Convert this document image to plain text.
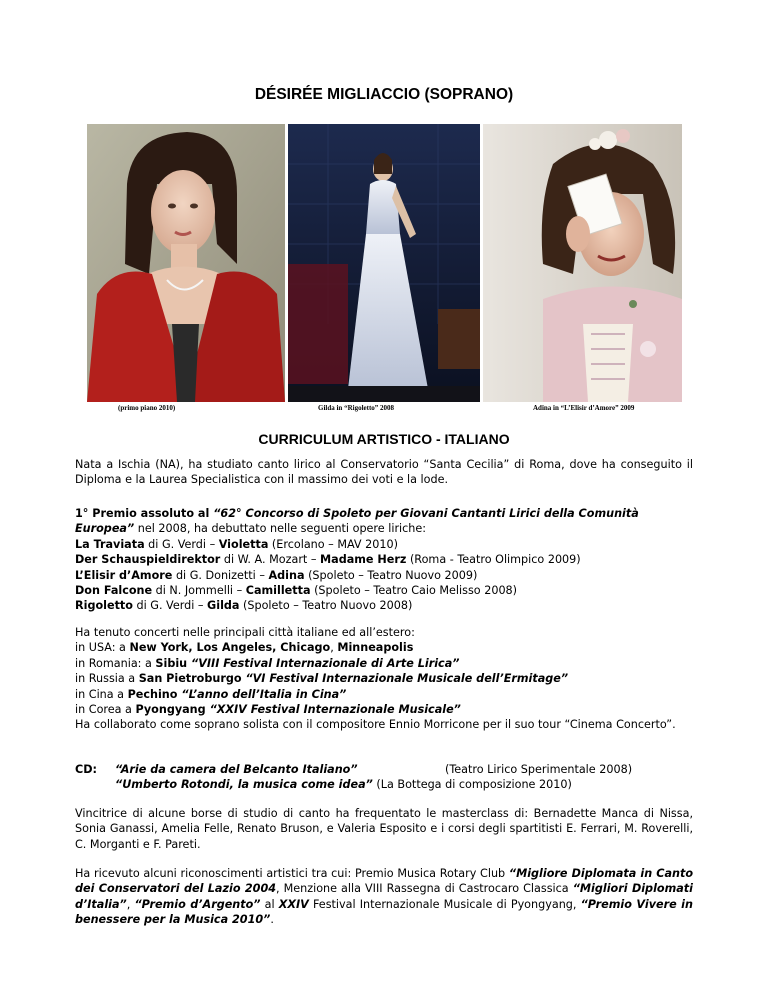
DÉSIRÉE MIGLIACCIO (SOPRANO)
(primo piano 2010)	Gilda in “Rigoletto” 2008	Adina in “L’Elisir d’Amore” 2009
CURRICULUM ARTISTICO - ITALIANO

Nata a Ischia (NA), ha studiato canto lirico al Conservatorio “Santa Cecilia” di Roma, dove ha conseguito il Diploma e la Laurea Specialistica con il massimo dei voti e la lode.

1° Premio assoluto al “62° Concorso di Spoleto per Giovani Cantanti Lirici della Comunità Europea” nel 2008, ha debuttato nelle seguenti opere liriche:

La Traviata di G. Verdi – Violetta (Ercolano – MAV 2010)

Der Schauspieldirektor di W. A. Mozart – Madame Herz (Roma - Teatro Olimpico 2009)

L’Elisir d’Amore di G. Donizetti – Adina (Spoleto – Teatro Nuovo 2009)

Don Falcone di N. Jommelli – Camilletta (Spoleto – Teatro Caio Melisso 2008)

Rigoletto di G. Verdi – Gilda (Spoleto – Teatro Nuovo 2008)

Ha tenuto concerti nelle principali città italiane ed all’estero:

in USA: a New York, Los Angeles, Chicago, Minneapolis

in Romania: a Sibiu “VIII Festival Internazionale di Arte Lirica”

in Russia a San Pietroburgo “VI Festival Internazionale Musicale dell’Ermitage”

in Cina a Pechino “L’anno dell’Italia in Cina”

in Corea a Pyongyang “XXIV Festival Internazionale Musicale”

Ha collaborato come soprano solista con il compositore Ennio Morricone per il suo tour “Cinema Concerto”.

CD: “Arie da camera del Belcanto Italiano”	(Teatro Lirico Sperimentale 2008)
“Umberto Rotondi, la musica come idea” (La Bottega di composizione 2010)

Vincitrice di alcune borse di studio di canto ha frequentato le masterclass di: Bernadette Manca di Nissa, Sonia Ganassi, Amelia Felle, Renato Bruson, e Valeria Esposito e i corsi degli spartitisti E. Ferrari, M. Roverelli, C. Morganti e F. Pareti.

Ha ricevuto alcuni riconoscimenti artistici tra cui: Premio Musica Rotary Club “Migliore Diplomata in Canto dei Conservatori del Lazio 2004, Menzione alla VIII Rassegna di Castrocaro Classica “Migliori Diplomati d’Italia”, “Premio d’Argento” al XXIV Festival Internazionale Musicale di Pyongyang, “Premio Vivere in benessere per la Musica 2010”.
